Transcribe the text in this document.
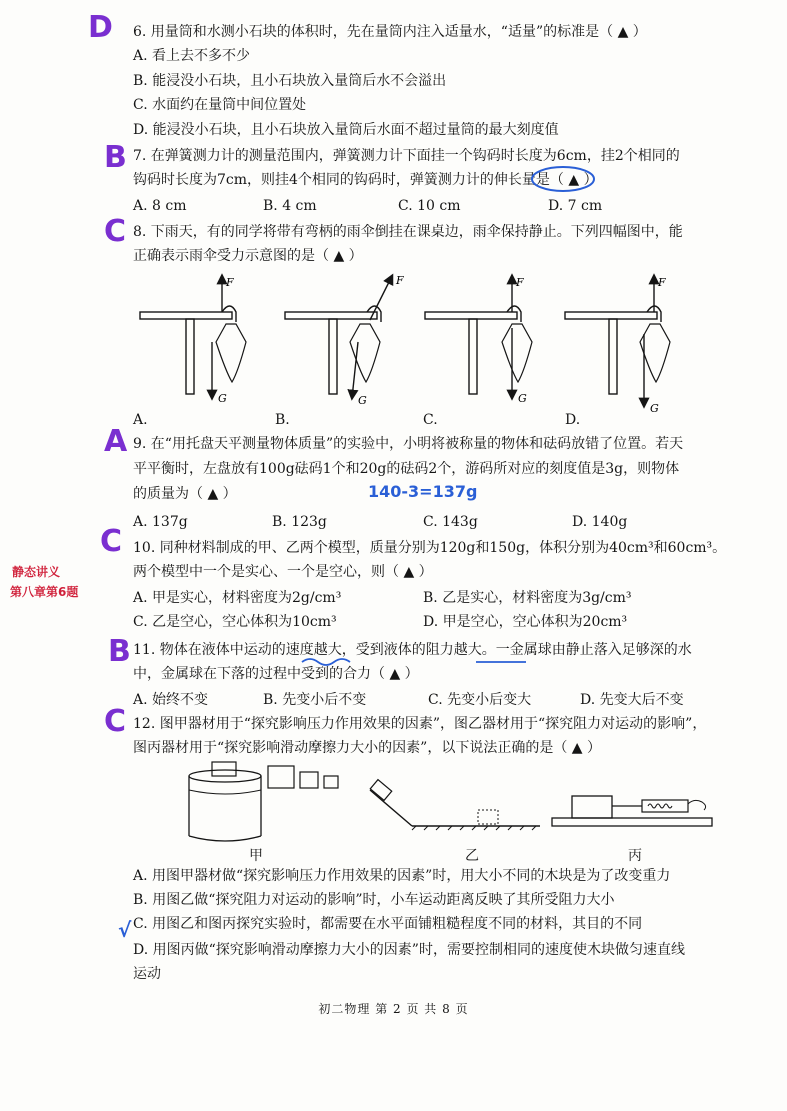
D
B
C
A
C
B
C
6. 用量筒和水测小石块的体积时，先在量筒内注入适量水，“适量”的标准是（ ▲ ）
A. 看上去不多不少
B. 能浸没小石块，且小石块放入量筒后水不会溢出
C. 水面约在量筒中间位置处
D. 能浸没小石块，且小石块放入量筒后水面不超过量筒的最大刻度值
7. 在弹簧测力计的测量范围内，弹簧测力计下面挂一个钩码时长度为6cm，挂2个相同的
钩码时长度为7cm，则挂4个相同的钩码时，弹簧测力计的伸长量是（ ▲ ）
A. 8 cm	B. 4 cm	C. 10 cm	D. 7 cm
8. 下雨天，有的同学将带有弯柄的雨伞倒挂在课桌边，雨伞保持静止。下列四幅图中，能
正确表示雨伞受力示意图的是（ ▲ ）
F
G
F
G
F
G
F
G
A.	B.	C.	D.
9. 在“用托盘天平测量物体质量”的实验中，小明将被称量的物体和砝码放错了位置。若天
平平衡时，左盘放有100g砝码1个和20g的砝码2个，游码所对应的刻度值是3g，则物体
的质量为（ ▲ ）	140-3=137g
A. 137g	B. 123g	C. 143g	D. 140g
静态讲义
第八章第6题
10. 同种材料制成的甲、乙两个模型，质量分别为120g和150g，体积分别为40cm³和60cm³。
两个模型中一个是实心、一个是空心，则（ ▲ ）
A. 甲是实心，材料密度为2g/cm³	B. 乙是实心，材料密度为3g/cm³
C. 乙是空心，空心体积为10cm³	D. 甲是空心，空心体积为20cm³
11. 物体在液体中运动的速度越大，受到液体的阻力越大。一金属球由静止落入足够深的水
中，金属球在下落的过程中受到的合力（ ▲ ）
A. 始终不变	B. 先变小后不变	C. 先变小后变大	D. 先变大后不变
12. 图甲器材用于“探究影响压力作用效果的因素”，图乙器材用于“探究阻力对运动的影响”，
图丙器材用于“探究影响滑动摩擦力大小的因素”，以下说法正确的是（ ▲ ）
甲	乙	丙
A. 用图甲器材做“探究影响压力作用效果的因素”时，用大小不同的木块是为了改变重力
B. 用图乙做“探究阻力对运动的影响”时，小车运动距离反映了其所受阻力大小
C. 用图乙和图丙探究实验时，都需要在水平面铺粗糙程度不同的材料，其目的不同
√
D. 用图丙做“探究影响滑动摩擦力大小的因素”时，需要控制相同的速度使木块做匀速直线
运动
初二物理 第 2 页 共 8 页
